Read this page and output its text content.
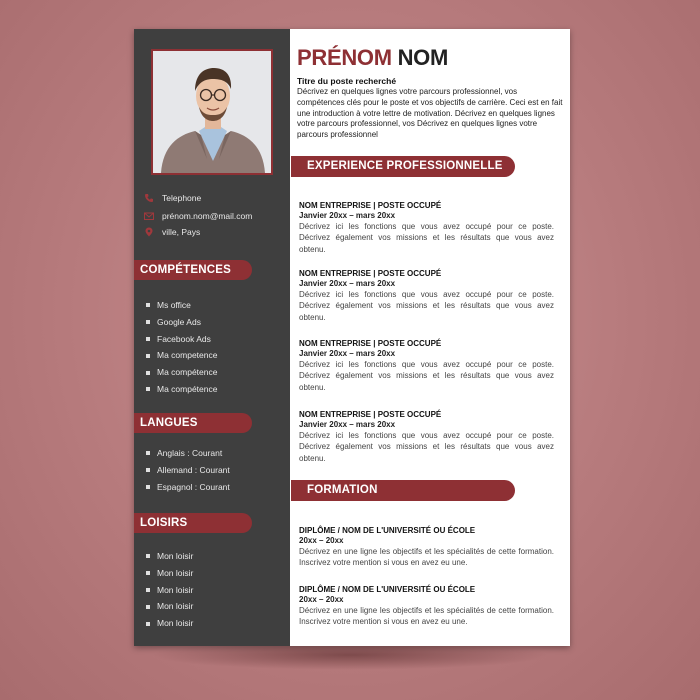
Telephone
prénom.nom@mail.com
ville, Pays
COMPÉTENCES
Ms office
Google Ads
Facebook Ads
Ma competence
Ma compétence
Ma compétence
LANGUES
Anglais : Courant
Allemand : Courant
Espagnol : Courant
LOISIRS
Mon loisir
Mon loisir
Mon loisir
Mon loisir
Mon loisir
PRÉNOM NOM
Titre du poste recherché
Décrivez en quelques lignes votre parcours professionnel, vos compétences clés pour le poste et vos objectifs de carrière. Ceci est en fait une introduction à votre lettre de motivation. Décrivez en quelques lignes votre parcours professionnel, vos Décrivez en quelques lignes votre parcours professionnel
EXPERIENCE PROFESSIONNELLE
NOM ENTREPRISE | POSTE OCCUPÉ
Janvier 20xx – mars 20xx
Décrivez ici les fonctions que vous avez occupé pour ce poste. Décrivez également vos missions et les résultats que vous avez obtenu.
NOM ENTREPRISE | POSTE OCCUPÉ
Janvier 20xx – mars 20xx
Décrivez ici les fonctions que vous avez occupé pour ce poste. Décrivez également vos missions et les résultats que vous avez obtenu.
NOM ENTREPRISE | POSTE OCCUPÉ
Janvier 20xx – mars 20xx
Décrivez ici les fonctions que vous avez occupé pour ce poste. Décrivez également vos missions et les résultats que vous avez obtenu.
NOM ENTREPRISE | POSTE OCCUPÉ
Janvier 20xx – mars 20xx
Décrivez ici les fonctions que vous avez occupé pour ce poste. Décrivez également vos missions et les résultats que vous avez obtenu.
FORMATION
DIPLÔME / NOM DE L'UNIVERSITÉ OU ÉCOLE
20xx – 20xx
Décrivez en une ligne les objectifs et les spécialités de cette formation. Inscrivez votre mention si vous en avez eu une.
DIPLÔME / NOM DE L'UNIVERSITÉ OU ÉCOLE
20xx – 20xx
Décrivez en une ligne les objectifs et les spécialités de cette formation. Inscrivez votre mention si vous en avez eu une.
